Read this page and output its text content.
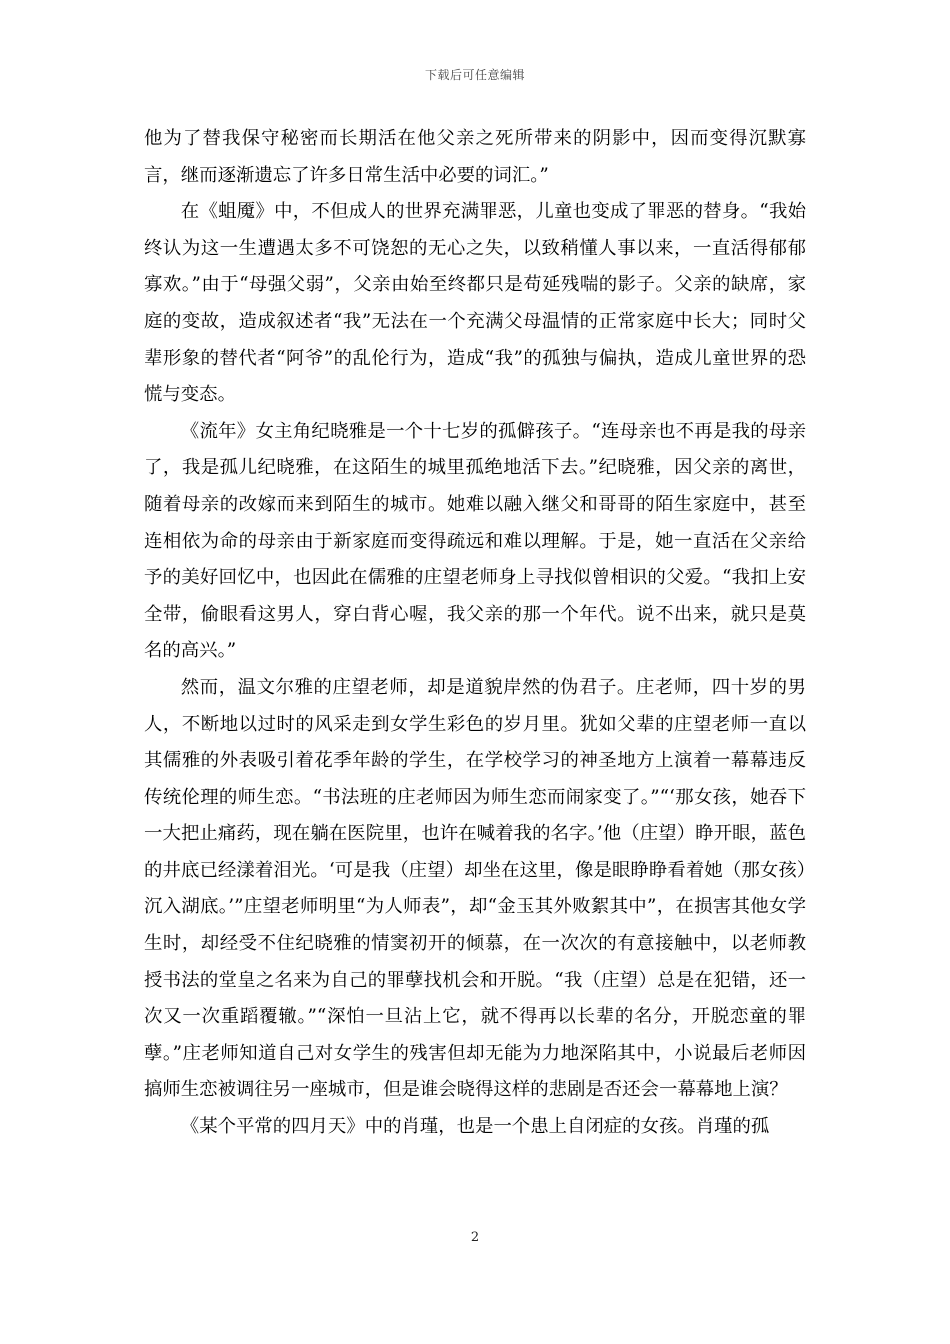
下载后可任意编辑

他为了替我保守秘密而长期活在他父亲之死所带来的阴影中，因而变得沉默寡言，继而逐渐遗忘了许多日常生活中必要的词汇。”

在《蛆魇》中，不但成人的世界充满罪恶，儿童也变成了罪恶的替身。“我始终认为这一生遭遇太多不可饶恕的无心之失，以致稍懂人事以来，一直活得郁郁寡欢。”由于“母强父弱”，父亲由始至终都只是苟延残喘的影子。父亲的缺席，家庭的变故，造成叙述者“我”无法在一个充满父母温情的正常家庭中长大；同时父辈形象的替代者“阿爷”的乱伦行为，造成“我”的孤独与偏执，造成儿童世界的恐慌与变态。

《流年》女主角纪晓雅是一个十七岁的孤僻孩子。“连母亲也不再是我的母亲了，我是孤儿纪晓雅，在这陌生的城里孤绝地活下去。”纪晓雅，因父亲的离世，随着母亲的改嫁而来到陌生的城市。她难以融入继父和哥哥的陌生家庭中，甚至连相依为命的母亲由于新家庭而变得疏远和难以理解。于是，她一直活在父亲给予的美好回忆中，也因此在儒雅的庄望老师身上寻找似曾相识的父爱。“我扣上安全带，偷眼看这男人，穿白背心喔，我父亲的那一个年代。说不出来，就只是莫名的高兴。”

然而，温文尔雅的庄望老师，却是道貌岸然的伪君子。庄老师，四十岁的男人，不断地以过时的风采走到女学生彩色的岁月里。犹如父辈的庄望老师一直以其儒雅的外表吸引着花季年龄的学生，在学校学习的神圣地方上演着一幕幕违反传统伦理的师生恋。“书法班的庄老师因为师生恋而闹家变了。”“‘那女孩，她吞下一大把止痛药，现在躺在医院里，也许在喊着我的名字。’他（庄望）睁开眼，蓝色的井底已经漾着泪光。‘可是我（庄望）却坐在这里，像是眼睁睁看着她（那女孩）沉入湖底。’”庄望老师明里“为人师表”，却“金玉其外败絮其中”，在损害其他女学生时，却经受不住纪晓雅的情窦初开的倾慕，在一次次的有意接触中，以老师教授书法的堂皇之名来为自己的罪孽找机会和开脱。“我（庄望）总是在犯错，还一次又一次重蹈覆辙。”“深怕一旦沾上它，就不得再以长辈的名分，开脱恋童的罪孽。”庄老师知道自己对女学生的残害但却无能为力地深陷其中，小说最后老师因搞师生恋被调往另一座城市，但是谁会晓得这样的悲剧是否还会一幕幕地上演？

《某个平常的四月天》中的肖瑾，也是一个患上自闭症的女孩。肖瑾的孤

2
